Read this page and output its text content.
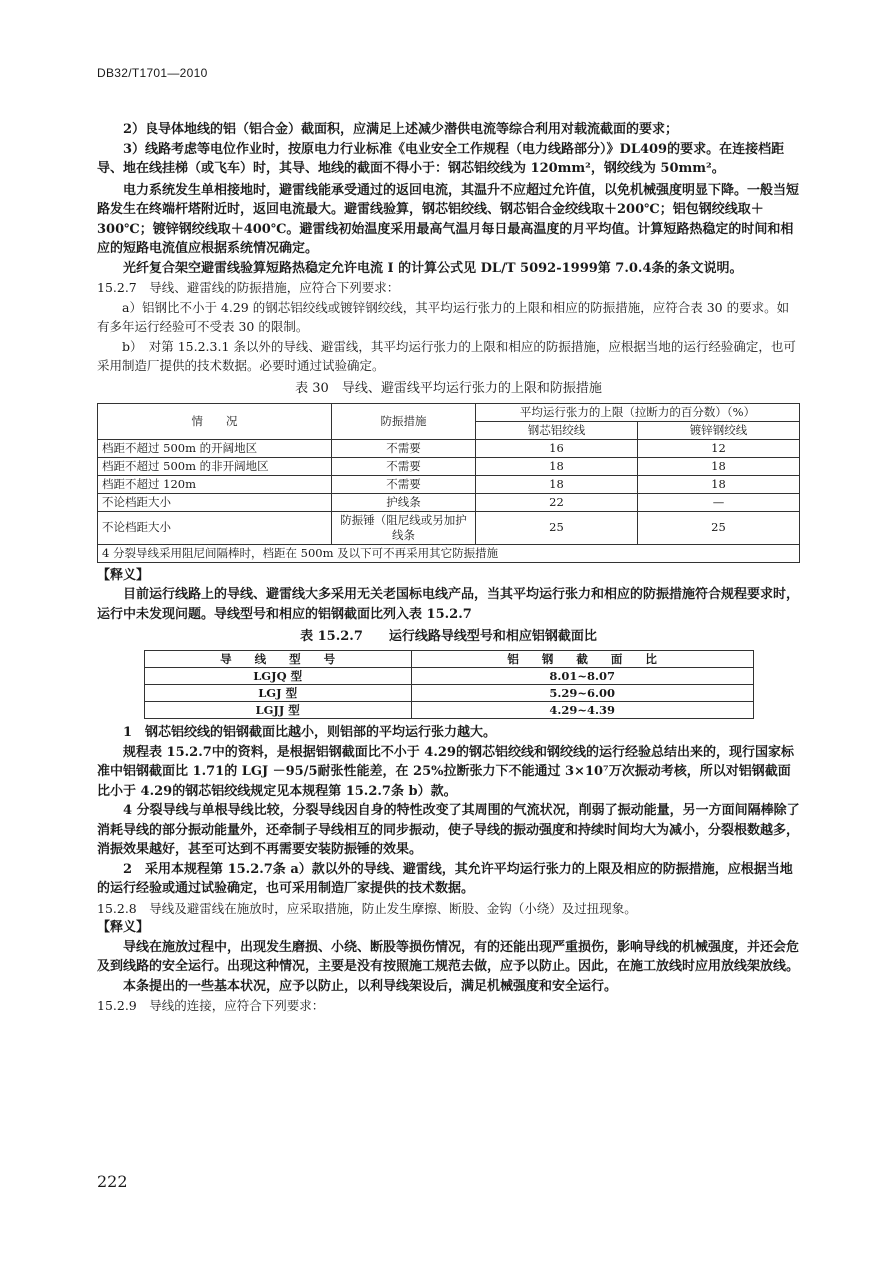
DB32/T1701—2010

2）良导体地线的铝（铝合金）截面积，应满足上述减少潜供电流等综合利用对载流截面的要求；

3）线路考虑等电位作业时，按原电力行业标准《电业安全工作规程（电力线路部分）》DL409的要求。在连接档距导、地在线挂梯（或飞车）时，其导、地线的截面不得小于：钢芯铝绞线为 120mm²，钢绞线为 50mm²。

电力系统发生单相接地时，避雷线能承受通过的返回电流，其温升不应超过允许值，以免机械强度明显下降。一般当短路发生在终端杆塔附近时，返回电流最大。避雷线验算，钢芯铝绞线、钢芯铝合金绞线取＋200℃；铝包钢绞线取＋300℃；镀锌钢绞线取＋400℃。避雷线初始温度采用最高气温月每日最高温度的月平均值。计算短路热稳定的时间和相应的短路电流值应根据系统情况确定。

光纤复合架空避雷线验算短路热稳定允许电流 I 的计算公式见 DL/T 5092-1999第 7.0.4条的条文说明。

15.2.7　导线、避雷线的防振措施，应符合下列要求：

a）铝钢比不小于 4.29 的钢芯铝绞线或镀锌钢绞线，其平均运行张力的上限和相应的防振措施，应符合表 30 的要求。如有多年运行经验可不受表 30 的限制。

b）　对第 15.2.3.1 条以外的导线、避雷线，其平均运行张力的上限和相应的防振措施，应根据当地的运行经验确定，也可采用制造厂提供的技术数据。必要时通过试验确定。

表 30　导线、避雷线平均运行张力的上限和防振措施
情　　况	防振措施	平均运行张力的上限（拉断力的百分数）（%）	
		钢芯铝绞线	镀锌钢绞线
档距不超过 500m 的开阔地区	不需要	16	12
档距不超过 500m 的非开阔地区	不需要	18	18
档距不超过 120m	不需要	18	18
不论档距大小	护线条	22	—
不论档距大小	防振锤（阻尼线或另加护线条	25	25
4 分裂导线采用阻尼间隔棒时，档距在 500m 及以下可不再采用其它防振措施			

【释义】

目前运行线路上的导线、避雷线大多采用无关老国标电线产品，当其平均运行张力和相应的防振措施符合规程要求时，运行中未发现问题。导线型号和相应的铝钢截面比列入表 15.2.7

表 15.2.7　　运行线路导线型号和相应铝钢截面比
导　　线　　型　　号	铝　　钢　　截　　面　　比
LGJQ 型	8.01~8.07
LGJ 型	5.29~6.00
LGJJ 型	4.29~4.39

1　钢芯铝绞线的铝钢截面比越小，则铝部的平均运行张力越大。

规程表 15.2.7中的资料，是根据铝钢截面比不小于 4.29的钢芯铝绞线和钢绞线的运行经验总结出来的，现行国家标准中铝钢截面比 1.71的 LGJ －95/5耐张性能差，在 25%拉断张力下不能通过 3×10⁷万次振动考核，所以对铝钢截面比小于 4.29的钢芯铝绞线规定见本规程第 15.2.7条 b）款。

4 分裂导线与单根导线比较，分裂导线因自身的特性改变了其周围的气流状况，削弱了振动能量，另一方面间隔棒除了消耗导线的部分振动能量外，还牵制子导线相互的同步振动，使子导线的振动强度和持续时间均大为减小，分裂根数越多，消振效果越好，甚至可达到不再需要安装防振锤的效果。

2　采用本规程第 15.2.7条 a）款以外的导线、避雷线，其允许平均运行张力的上限及相应的防振措施，应根据当地的运行经验或通过试验确定，也可采用制造厂家提供的技术数据。

15.2.8　导线及避雷线在施放时，应采取措施，防止发生摩擦、断股、金钩（小绕）及过扭现象。

【释义】

导线在施放过程中，出现发生磨损、小绕、断股等损伤情况，有的还能出现严重损伤，影响导线的机械强度，并还会危及到线路的安全运行。出现这种情况，主要是没有按照施工规范去做，应予以防止。因此，在施工放线时应用放线架放线。

本条提出的一些基本状况，应予以防止，以利导线架设后，满足机械强度和安全运行。

15.2.9　导线的连接，应符合下列要求：

222
